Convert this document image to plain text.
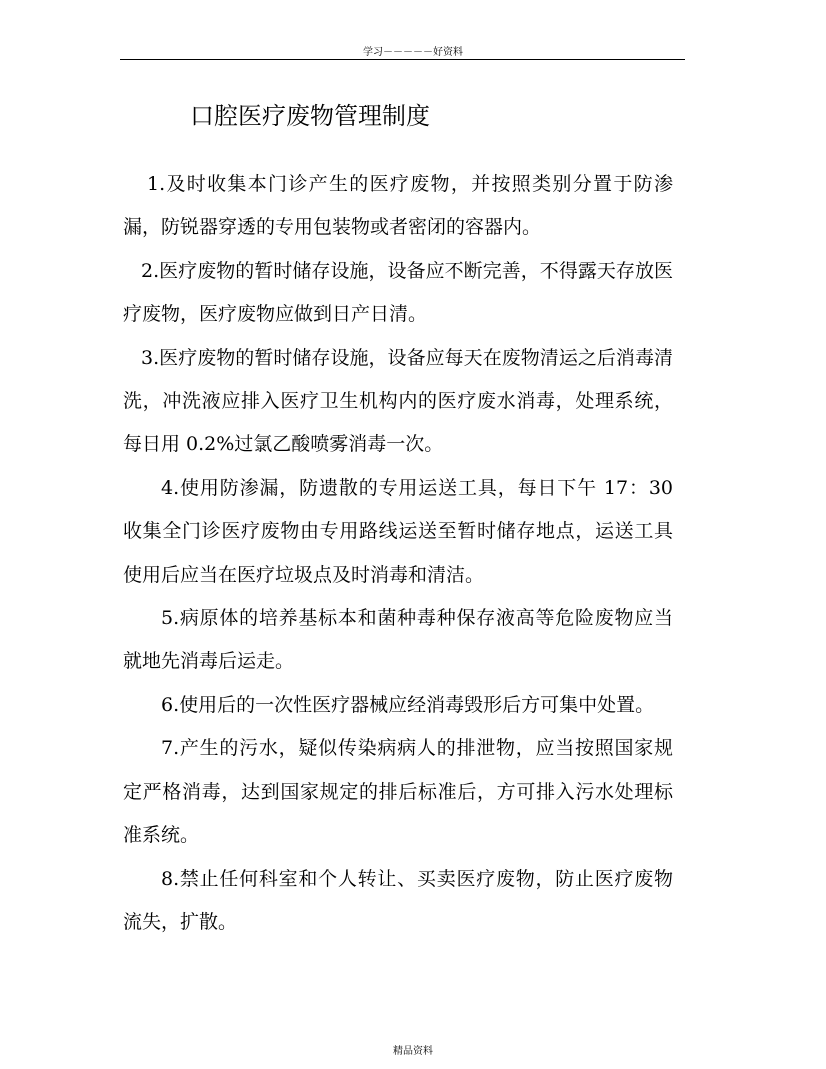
学习－－－－－好资料
口腔医疗废物管理制度

1.及时收集本门诊产生的医疗废物，并按照类别分置于防渗漏，防锐器穿透的专用包装物或者密闭的容器内。

2.医疗废物的暂时储存设施，设备应不断完善，不得露天存放医疗废物，医疗废物应做到日产日清。

3.医疗废物的暂时储存设施，设备应每天在废物清运之后消毒清洗，冲洗液应排入医疗卫生机构内的医疗废水消毒，处理系统，每日用 0.2%过氯乙酸喷雾消毒一次。

4.使用防渗漏，防遗散的专用运送工具，每日下午 17：30 收集全门诊医疗废物由专用路线运送至暂时储存地点，运送工具使用后应当在医疗垃圾点及时消毒和清洁。

5.病原体的培养基标本和菌种毒种保存液高等危险废物应当就地先消毒后运走。

6.使用后的一次性医疗器械应经消毒毁形后方可集中处置。

7.产生的污水，疑似传染病病人的排泄物，应当按照国家规定严格消毒，达到国家规定的排后标准后，方可排入污水处理标准系统。

8.禁止任何科室和个人转让、买卖医疗废物，防止医疗废物流失，扩散。

精品资料
